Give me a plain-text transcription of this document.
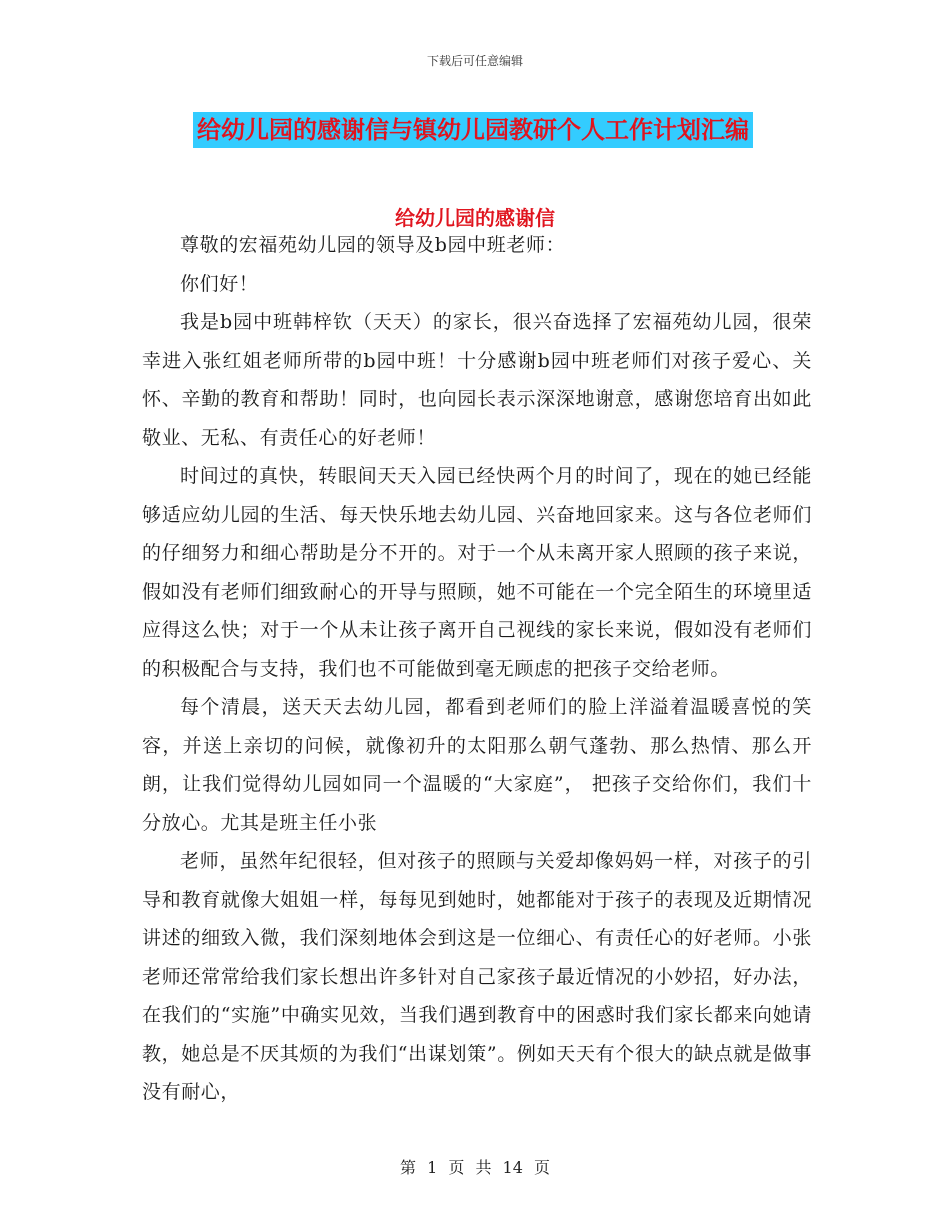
下载后可任意编辑
给幼儿园的感谢信与镇幼儿园教研个人工作计划汇编
给幼儿园的感谢信

尊敬的宏福苑幼儿园的领导及b园中班老师：

你们好！

我是b园中班韩梓钦（天天）的家长，很兴奋选择了宏福苑幼儿园，很荣幸进入张红姐老师所带的b园中班！十分感谢b园中班老师们对孩子爱心、关怀、辛勤的教育和帮助！同时，也向园长表示深深地谢意，感谢您培育出如此敬业、无私、有责任心的好老师！

时间过的真快，转眼间天天入园已经快两个月的时间了，现在的她已经能够适应幼儿园的生活、每天快乐地去幼儿园、兴奋地回家来。这与各位老师们的仔细努力和细心帮助是分不开的。对于一个从未离开家人照顾的孩子来说，假如没有老师们细致耐心的开导与照顾，她不可能在一个完全陌生的环境里适应得这么快；对于一个从未让孩子离开自己视线的家长来说，假如没有老师们的积极配合与支持，我们也不可能做到毫无顾虑的把孩子交给老师。

每个清晨，送天天去幼儿园，都看到老师们的脸上洋溢着温暖喜悦的笑容，并送上亲切的问候，就像初升的太阳那么朝气蓬勃、那么热情、那么开朗，让我们觉得幼儿园如同一个温暖的“大家庭”， 把孩子交给你们，我们十分放心。尤其是班主任小张

老师，虽然年纪很轻，但对孩子的照顾与关爱却像妈妈一样，对孩子的引导和教育就像大姐姐一样，每每见到她时，她都能对于孩子的表现及近期情况讲述的细致入微，我们深刻地体会到这是一位细心、有责任心的好老师。小张老师还常常给我们家长想出许多针对自己家孩子最近情况的小妙招，好办法，在我们的“实施”中确实见效，当我们遇到教育中的困惑时我们家长都来向她请教，她总是不厌其烦的为我们“出谋划策”。例如天天有个很大的缺点就是做事没有耐心，

第 1 页 共 14 页
